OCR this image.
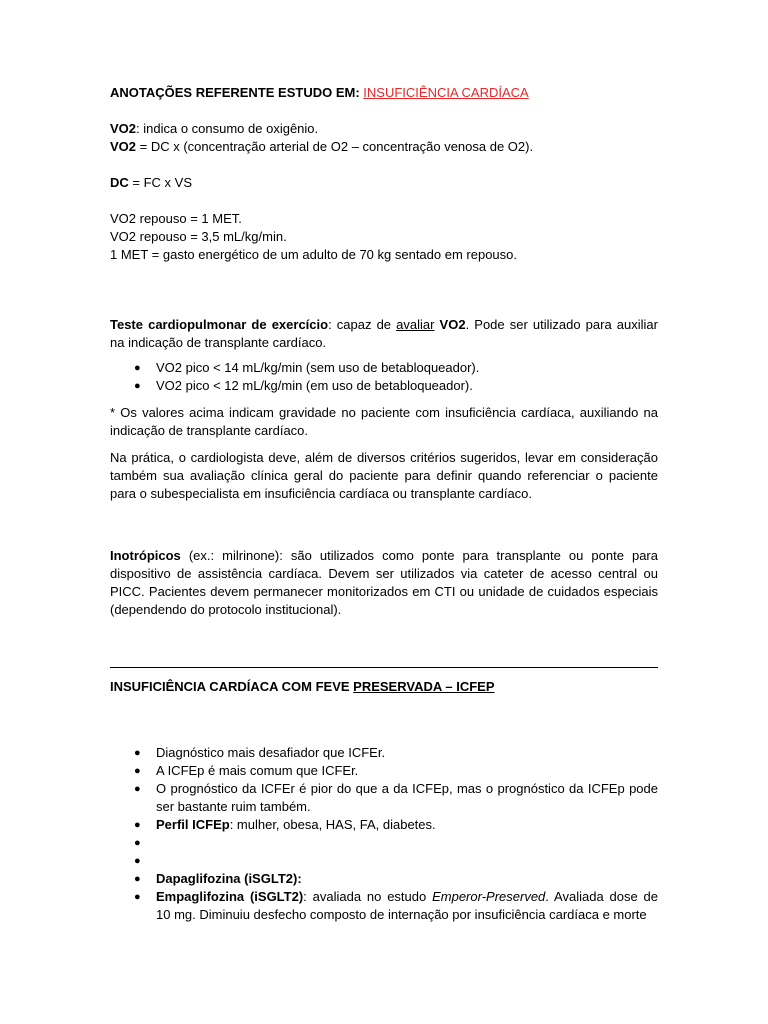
ANOTAÇÕES REFERENTE ESTUDO EM: INSUFICIÊNCIA CARDÍACA

VO2: indica o consumo de oxigênio.

VO2 = DC x (concentração arterial de O2 – concentração venosa de O2).

DC = FC x VS

VO2 repouso = 1 MET.

VO2 repouso = 3,5 mL/kg/min.

1 MET = gasto energético de um adulto de 70 kg sentado em repouso.

Teste cardiopulmonar de exercício: capaz de avaliar VO2. Pode ser utilizado para auxiliar na indicação de transplante cardíaco.

● VO2 pico < 14 mL/kg/min (sem uso de betabloqueador).
● VO2 pico < 12 mL/kg/min (em uso de betabloqueador).

* Os valores acima indicam gravidade no paciente com insuficiência cardíaca, auxiliando na indicação de transplante cardíaco.

Na prática, o cardiologista deve, além de diversos critérios sugeridos, levar em consideração também sua avaliação clínica geral do paciente para definir quando referenciar o paciente para o subespecialista em insuficiência cardíaca ou transplante cardíaco.

Inotrópicos (ex.: milrinone): são utilizados como ponte para transplante ou ponte para dispositivo de assistência cardíaca. Devem ser utilizados via cateter de acesso central ou PICC. Pacientes devem permanecer monitorizados em CTI ou unidade de cuidados especiais (dependendo do protocolo institucional).

INSUFICIÊNCIA CARDÍACA COM FEVE PRESERVADA – ICFEP

● Diagnóstico mais desafiador que ICFEr.
● A ICFEp é mais comum que ICFEr.
● O prognóstico da ICFEr é pior do que a da ICFEp, mas o prognóstico da ICFEp pode ser bastante ruim também.
● Perfil ICFEp: mulher, obesa, HAS, FA, diabetes.
●
●
● Dapaglifozina (iSGLT2):
● Empaglifozina (iSGLT2): avaliada no estudo Emperor-Preserved. Avaliada dose de 10 mg. Diminuiu desfecho composto de internação por insuficiência cardíaca e morte
